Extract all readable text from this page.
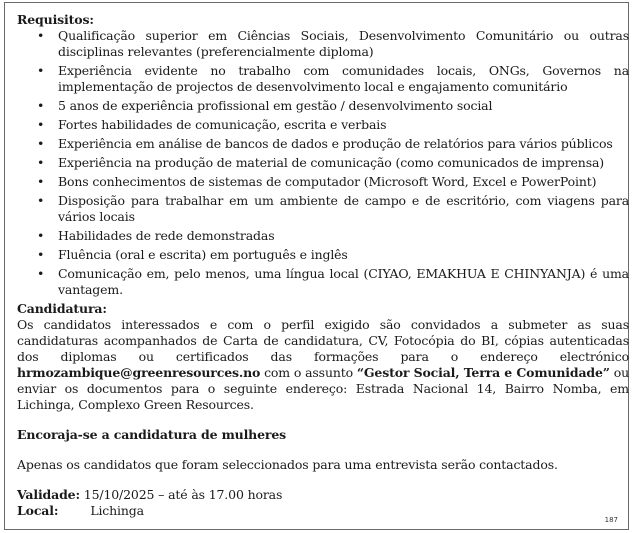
Requisitos:
• Qualificação superior em Ciências Sociais, Desenvolvimento Comunitário ou outras disciplinas relevantes (preferencialmente diploma)
• Experiência evidente no trabalho com comunidades locais, ONGs, Governos na implementação de projectos de desenvolvimento local e engajamento comunitário
• 5 anos de experiência profissional em gestão / desenvolvimento social
• Fortes habilidades de comunicação, escrita e verbais
• Experiência em análise de bancos de dados e produção de relatórios para vários públicos
• Experiência na produção de material de comunicação (como comunicados de imprensa)
• Bons conhecimentos de sistemas de computador (Microsoft Word, Excel e PowerPoint)
• Disposição para trabalhar em um ambiente de campo e de escritório, com viagens para vários locais
• Habilidades de rede demonstradas
• Fluência (oral e escrita) em português e inglês
• Comunicação em, pelo menos, uma língua local (CIYAO, EMAKHUA E CHINYANJA) é uma vantagem.
Candidatura:

Os candidatos interessados e com o perfil exigido são convidados a submeter as suas candidaturas acompanhados de Carta de candidatura, CV, Fotocópia do BI, cópias autenticadas dos diplomas ou certificados das formações para o endereço electrónico hrmozambique@greenresources.no com o assunto “Gestor Social, Terra e Comunidade” ou enviar os documentos para o seguinte endereço: Estrada Nacional 14, Bairro Nomba, em Lichinga, Complexo Green Resources.

Encoraja-se a candidatura de mulheres

Apenas os candidatos que foram seleccionados para uma entrevista serão contactados.

Validade: 15/10/2025 – até às 17.00 horas
Local:	Lichinga
187
